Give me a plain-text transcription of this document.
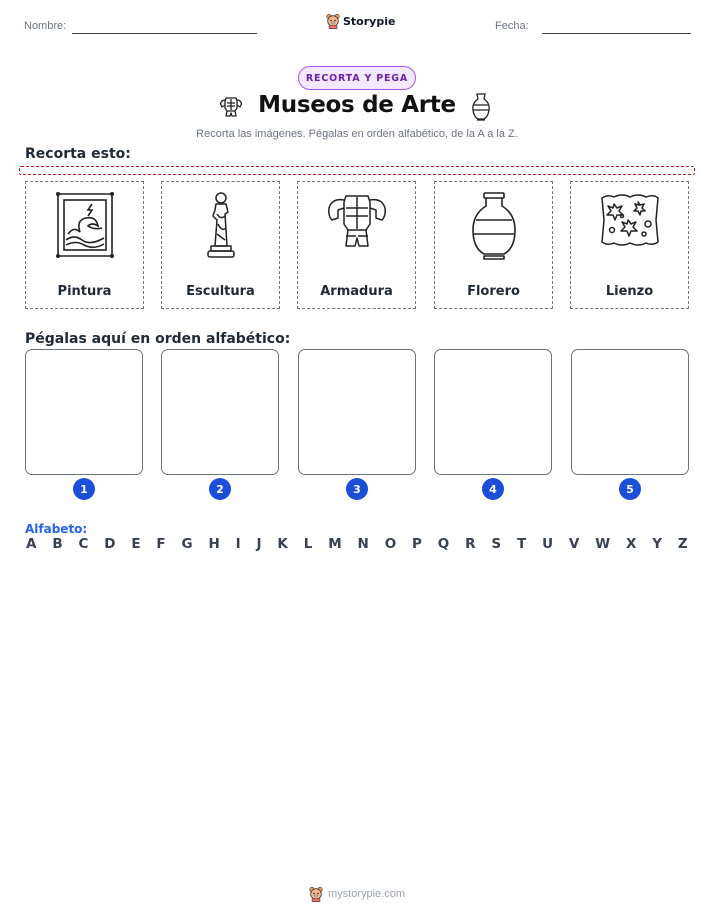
Nombre:	Storypie	Fecha:
RECORTA Y PEGA
Museos de Arte
Recorta las imágenes. Pégalas en orden alfabético, de la A a la Z.
Recorta esto:
Pintura	Escultura	Armadura	Florero	Lienzo
Pégalas aquí en orden alfabético:
1	2	3	4	5
Alfabeto:
A B C D E F G H I J K L M N O P Q R S T U V W X Y Z
mystorypie.com
